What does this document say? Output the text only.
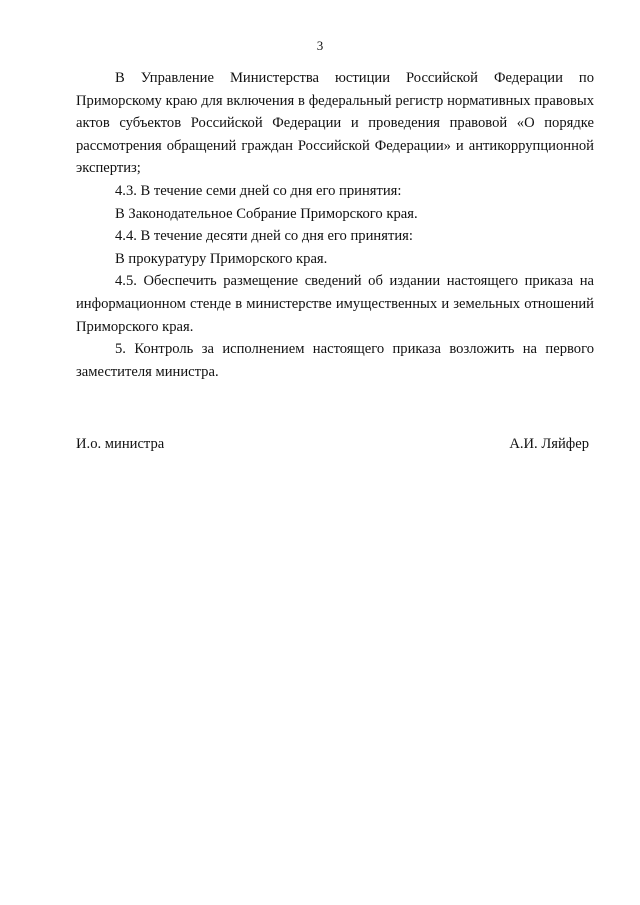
3

В Управление Министерства юстиции Российской Федерации по Приморскому краю для включения в федеральный регистр нормативных правовых актов субъектов Российской Федерации и проведения правовой «О порядке рассмотрения обращений граждан Российской Федерации» и антикоррупционной экспертиз;

4.3. В течение семи дней со дня его принятия:

В Законодательное Собрание Приморского края.

4.4. В течение десяти дней со дня его принятия:

В прокуратуру Приморского края.

4.5. Обеспечить размещение сведений об издании настоящего приказа на информационном стенде в министерстве имущественных и земельных отношений Приморского края.

5. Контроль за исполнением настоящего приказа возложить на первого заместителя министра.

И.о. министра	А.И. Ляйфер
